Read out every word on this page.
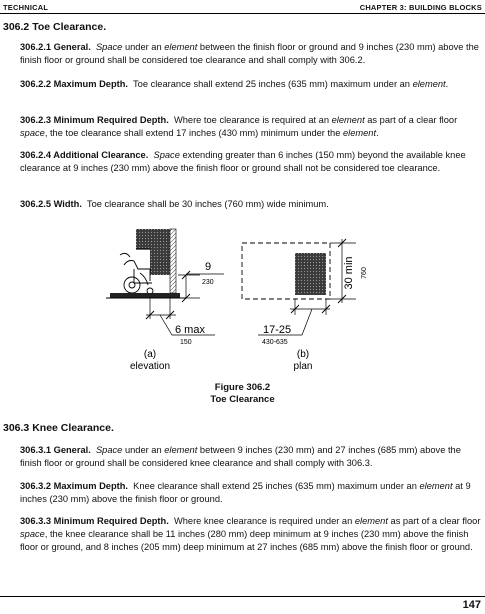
TECHNICAL	CHAPTER 3: BUILDING BLOCKS
306.2 Toe Clearance.
306.2.1 General. Space under an element between the finish floor or ground and 9 inches (230 mm) above the finish floor or ground shall be considered toe clearance and shall comply with 306.2.
306.2.2 Maximum Depth. Toe clearance shall extend 25 inches (635 mm) maximum under an element.
306.2.3 Minimum Required Depth. Where toe clearance is required at an element as part of a clear floor space, the toe clearance shall extend 17 inches (430 mm) minimum under the element.
306.2.4 Additional Clearance. Space extending greater than 6 inches (150 mm) beyond the available knee clearance at 9 inches (230 mm) above the finish floor or ground shall not be considered toe clearance.
306.2.5 Width. Toe clearance shall be 30 inches (760 mm) wide minimum.
9
230
6 max
150
(a)
elevation
30 min 760
17-25
430-635
(b)
plan
Figure 306.2
Toe Clearance
306.3 Knee Clearance.
306.3.1 General. Space under an element between 9 inches (230 mm) and 27 inches (685 mm) above the finish floor or ground shall be considered knee clearance and shall comply with 306.3.
306.3.2 Maximum Depth. Knee clearance shall extend 25 inches (635 mm) maximum under an element at 9 inches (230 mm) above the finish floor or ground.
306.3.3 Minimum Required Depth. Where knee clearance is required under an element as part of a clear floor space, the knee clearance shall be 11 inches (280 mm) deep minimum at 9 inches (230 mm) above the finish floor or ground, and 8 inches (205 mm) deep minimum at 27 inches (685 mm) above the finish floor or ground.
147
